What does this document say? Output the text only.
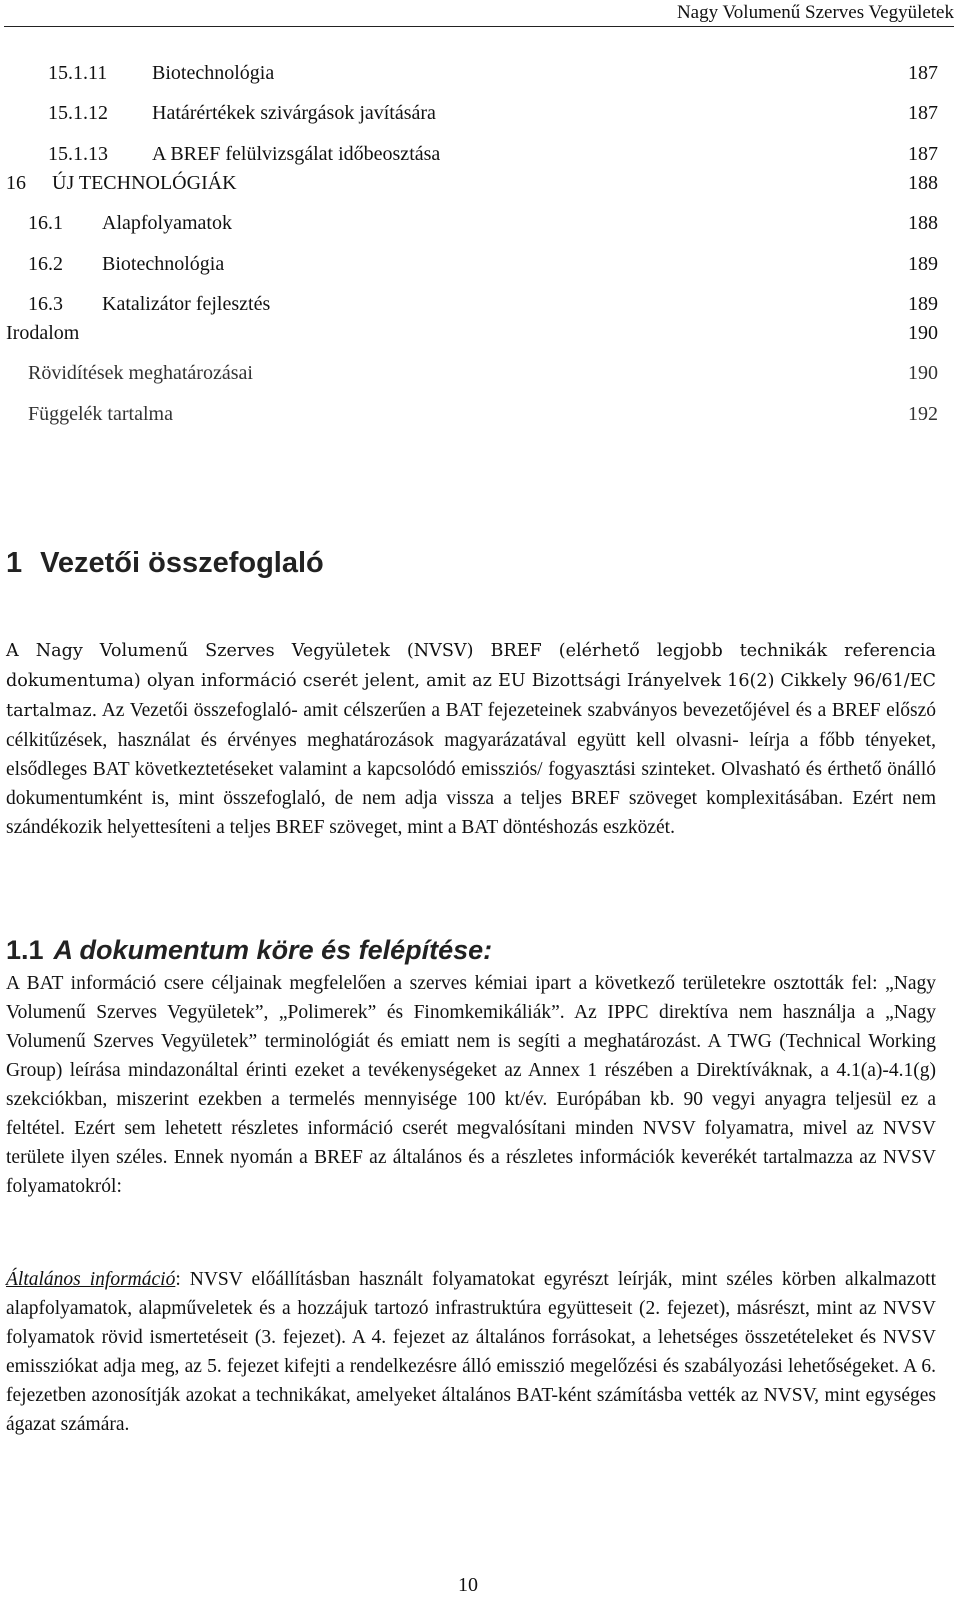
Nagy Volumenű Szerves Vegyületek
15.1.11 Biotechnológia	187
15.1.12 Határértékek szivárgások javítására	187
15.1.13 A BREF felülvizsgálat időbeosztása	187
16 ÚJ TECHNOLÓGIÁK	188
16.1 Alapfolyamatok	188
16.2 Biotechnológia	189
16.3 Katalizátor fejlesztés	189
Irodalom	190
Rövidítések meghatározásai	190
Függelék tartalma	192
1 Vezetői összefoglaló

A Nagy Volumenű Szerves Vegyületek (NVSV) BREF (elérhető legjobb technikák referencia dokumentuma) olyan információ cserét jelent, amit az EU Bizottsági Irányelvek 16(2) Cikkely 96/61/EC tartalmaz. Az Vezetői összefoglaló- amit célszerűen a BAT fejezeteinek szabványos bevezetőjével és a BREF előszó célkitűzések, használat és érvényes meghatározások magyarázatával együtt kell olvasni- leírja a főbb tényeket, elsődleges BAT következtetéseket valamint a kapcsolódó emissziós/ fogyasztási szinteket. Olvasható és érthető önálló dokumentumként is, mint összefoglaló, de nem adja vissza a teljes BREF szöveget komplexitásában. Ezért nem szándékozik helyettesíteni a teljes BREF szöveget, mint a BAT döntéshozás eszközét.

1.1 A dokumentum köre és felépítése:

A BAT információ csere céljainak megfelelően a szerves kémiai ipart a következő területekre osztották fel: „Nagy Volumenű Szerves Vegyületek”, „Polimerek” és Finomkemikáliák”. Az IPPC direktíva nem használja a „Nagy Volumenű Szerves Vegyületek” terminológiát és emiatt nem is segíti a meghatározást. A TWG (Technical Working Group) leírása mindazonáltal érinti ezeket a tevékenységeket az Annex 1 részében a Direktíváknak, a 4.1(a)-4.1(g) szekciókban, miszerint ezekben a termelés mennyisége 100 kt/év. Európában kb. 90 vegyi anyagra teljesül ez a feltétel. Ezért sem lehetett részletes információ cserét megvalósítani minden NVSV folyamatra, mivel az NVSV területe ilyen széles. Ennek nyomán a BREF az általános és a részletes információk keverékét tartalmazza az NVSV folyamatokról:

Általános információ: NVSV előállításban használt folyamatokat egyrészt leírják, mint széles körben alkalmazott alapfolyamatok, alapműveletek és a hozzájuk tartozó infrastruktúra együtteseit (2. fejezet), másrészt, mint az NVSV folyamatok rövid ismertetéseit (3. fejezet). A 4. fejezet az általános forrásokat, a lehetséges összetételeket és NVSV emissziókat adja meg, az 5. fejezet kifejti a rendelkezésre álló emisszió megelőzési és szabályozási lehetőségeket. A 6. fejezetben azonosítják azokat a technikákat, amelyeket általános BAT-ként számításba vették az NVSV, mint egységes ágazat számára.

10
